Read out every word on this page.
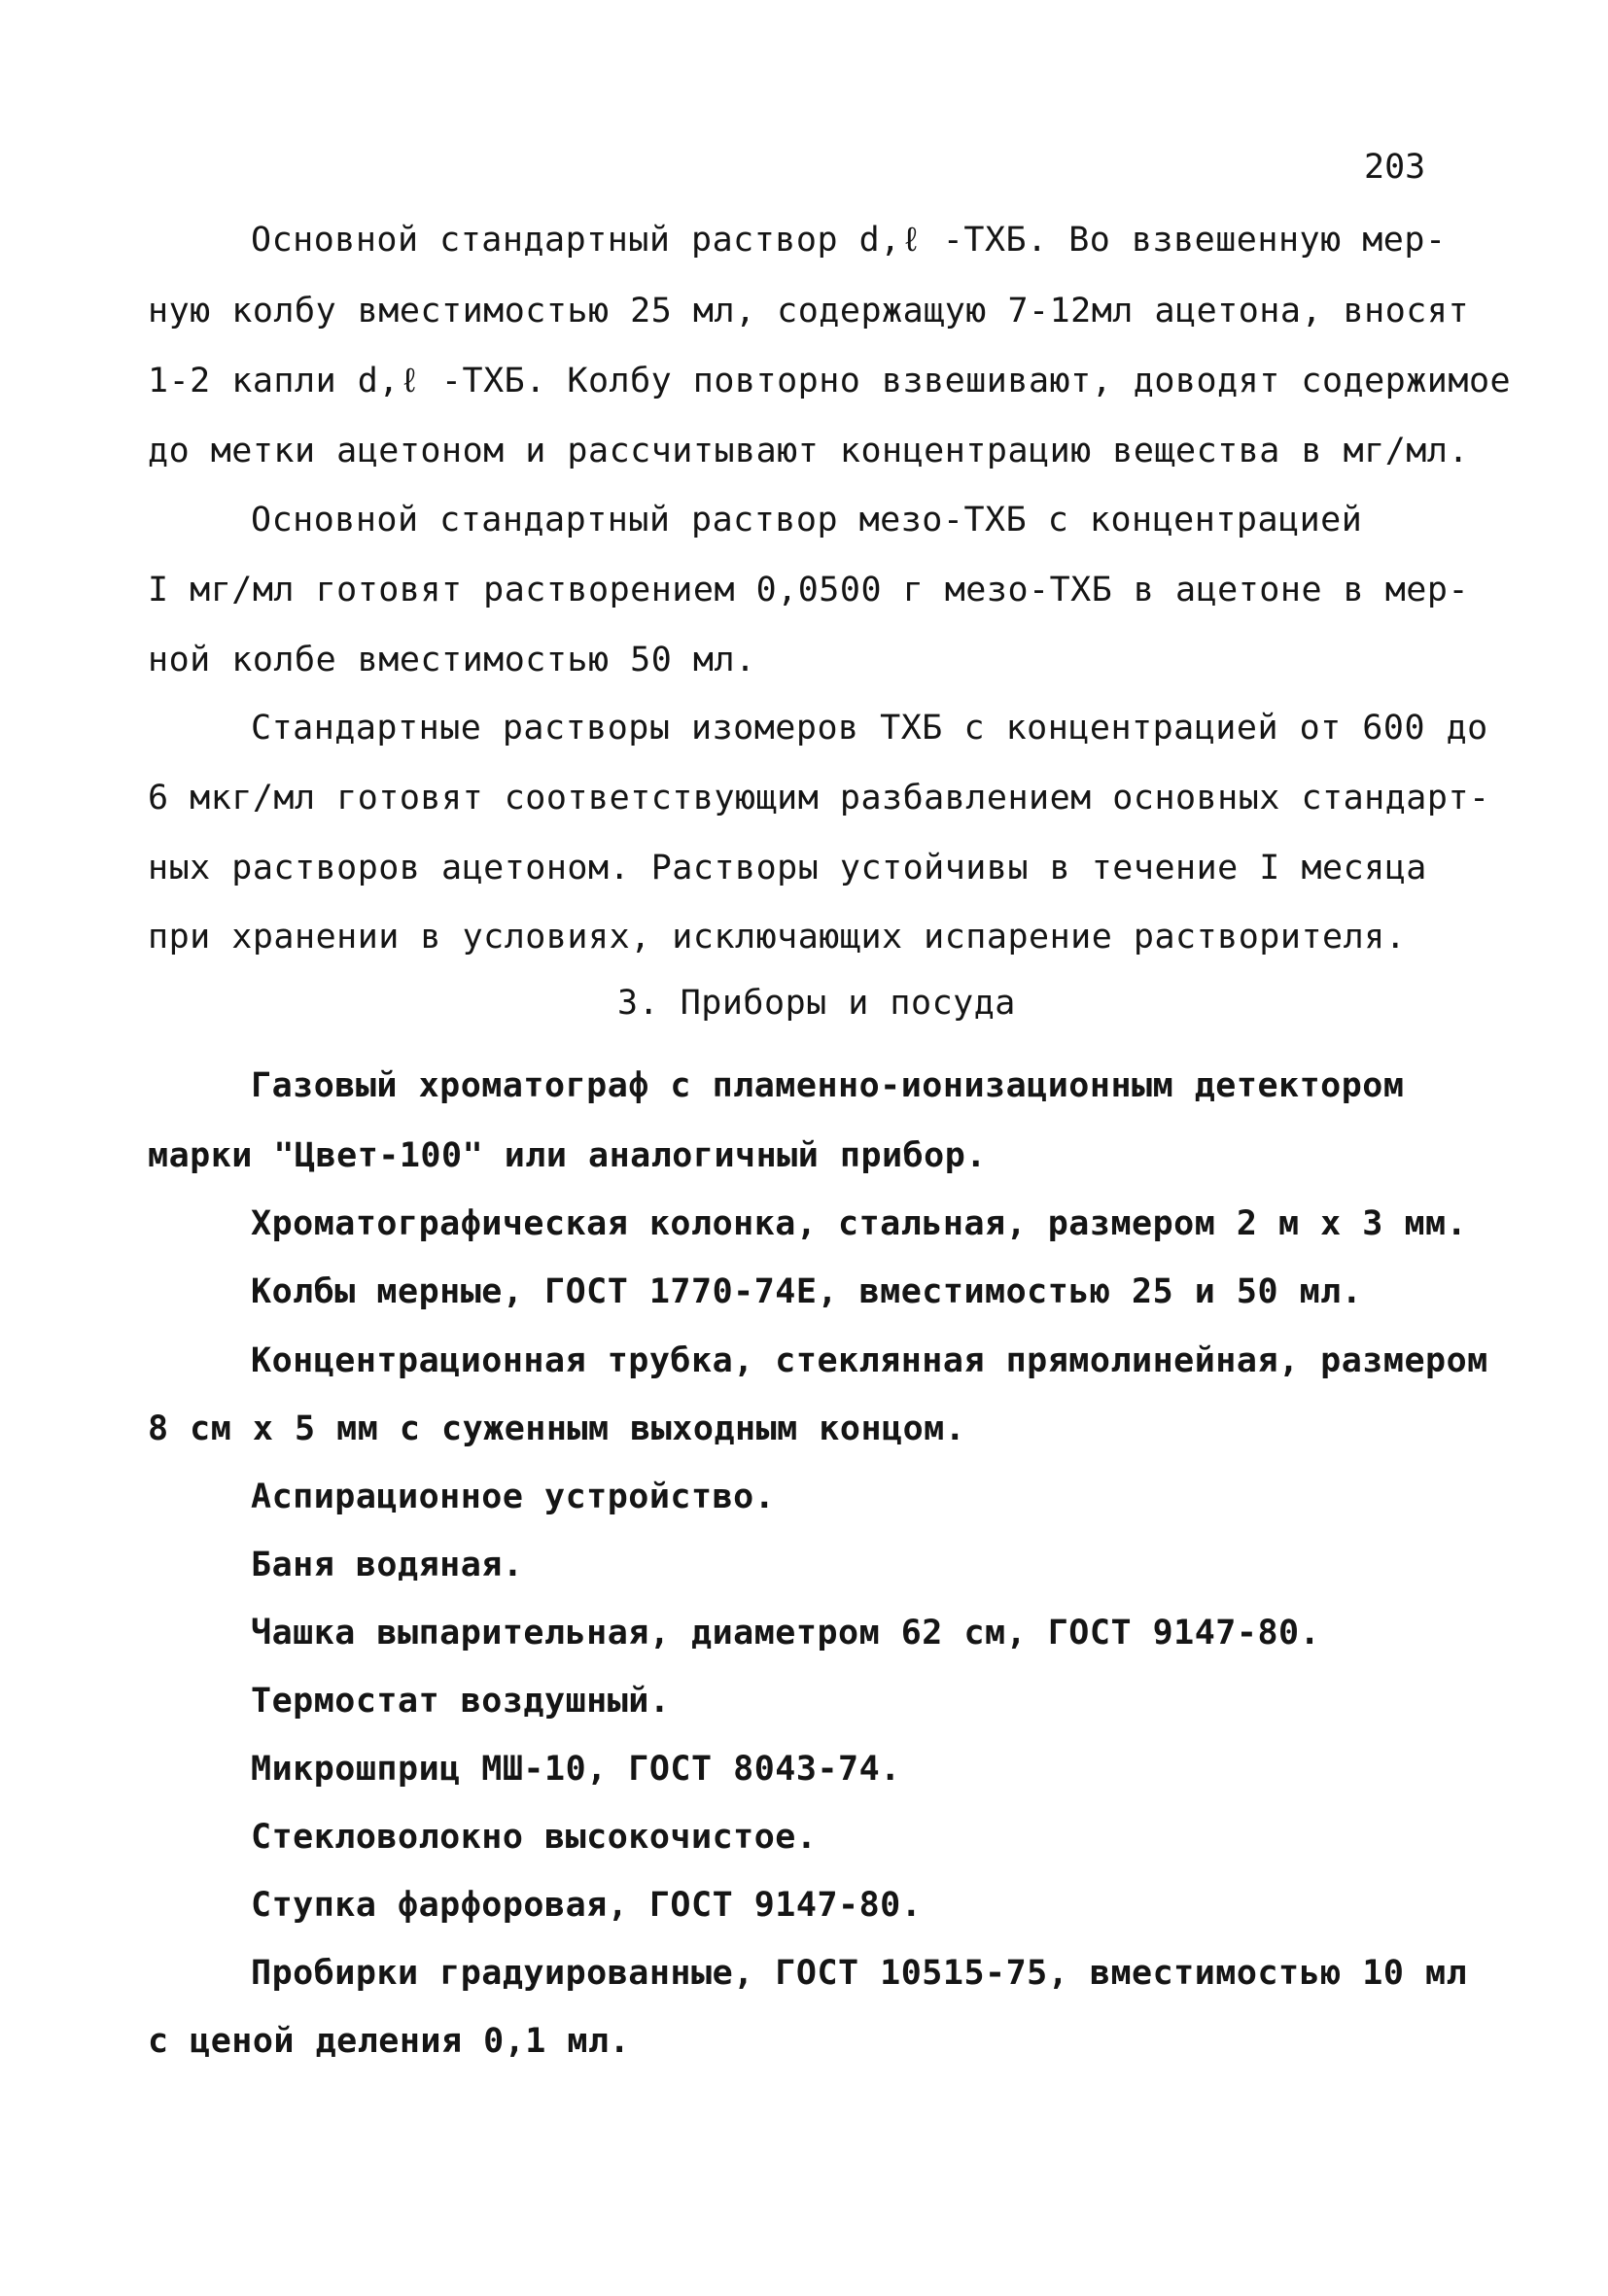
203
Основной стандартный раствор d,ℓ -ТХБ. Во взвешенную мер-
ную колбу вместимостью 25 мл, содержащую 7-12мл ацетона, вносят
1-2 капли d,ℓ -ТХБ. Колбу повторно взвешивают, доводят содержимое
до метки ацетоном и рассчитывают концентрацию вещества в мг/мл.
Основной стандартный раствор мезо-ТХБ с концентрацией
I мг/мл готовят растворением 0,0500 г мезо-ТХБ в ацетоне в мер-
ной колбе вместимостью 50 мл.
Стандартные растворы изомеров ТХБ с концентрацией от 600 до
6 мкг/мл готовят соответствующим разбавлением основных стандарт-
ных растворов ацетоном. Растворы устойчивы в течение I месяца
при хранении в условиях, исключающих испарение растворителя.
3. Приборы и посуда
Газовый хроматограф с пламенно-ионизационным детектором
марки "Цвет-100" или аналогичный прибор.
Хроматографическая колонка, стальная, размером 2 м х 3 мм.
Колбы мерные, ГОСТ 1770-74Е, вместимостью 25 и 50 мл.
Концентрационная трубка, стеклянная прямолинейная, размером
8 см х 5 мм с суженным выходным концом.
Аспирационное устройство.
Баня водяная.
Чашка выпарительная, диаметром 62 см, ГОСТ 9147-80.
Термостат воздушный.
Микрошприц МШ-10, ГОСТ 8043-74.
Стекловолокно высокочистое.
Ступка фарфоровая, ГОСТ 9147-80.
Пробирки градуированные, ГОСТ 10515-75, вместимостью 10 мл
с ценой деления 0,1 мл.
